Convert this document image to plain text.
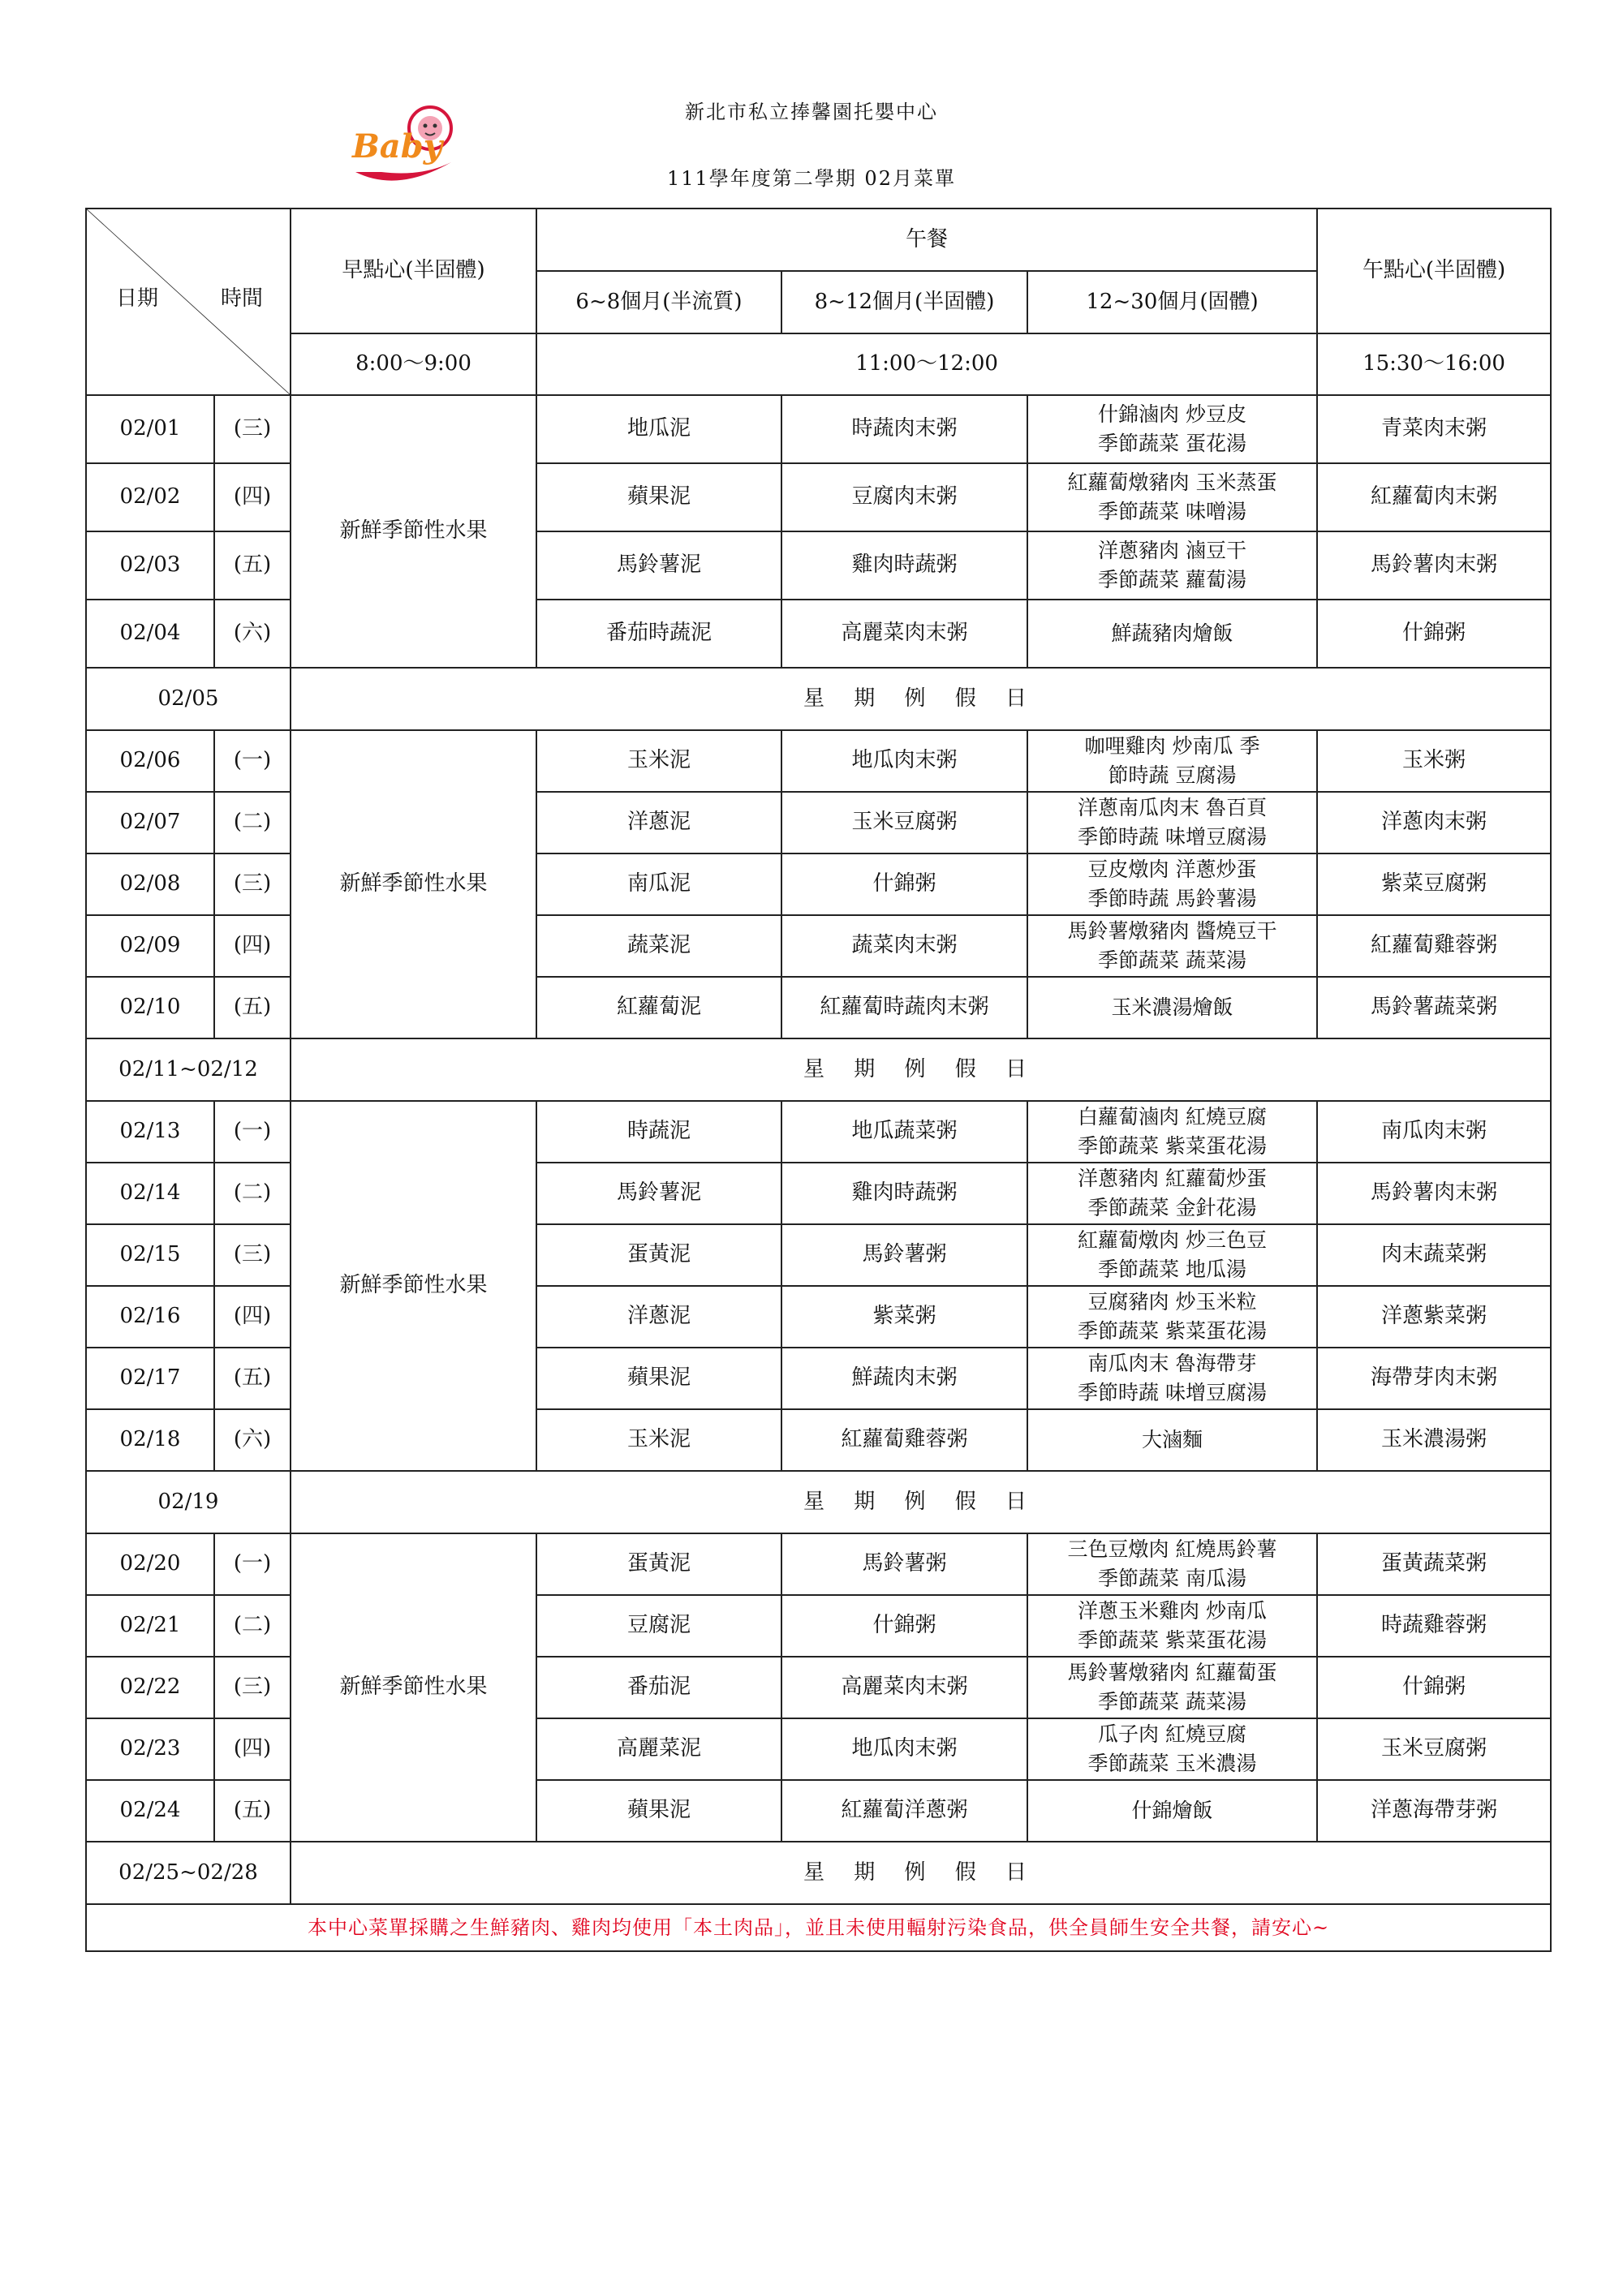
Baby
新北市私立捧馨園托嬰中心
111學年度第二學期 02月菜單
日期 時間		早點心(半固體)	午餐			午點心(半固體)
			6~8個月(半流質)	8~12個月(半固體)	12~30個月(固體)	
		8:00～9:00	11:00～12:00			15:30～16:00
02/01	(三)	新鮮季節性水果	地瓜泥	時蔬肉末粥	什錦滷肉 炒豆皮
季節蔬菜 蛋花湯	青菜肉末粥
02/02	(四)		蘋果泥	豆腐肉末粥	紅蘿蔔燉豬肉 玉米蒸蛋
季節蔬菜 味噌湯	紅蘿蔔肉末粥
02/03	(五)		馬鈴薯泥	雞肉時蔬粥	洋蔥豬肉 滷豆干
季節蔬菜 蘿蔔湯	馬鈴薯肉末粥
02/04	(六)		番茄時蔬泥	高麗菜肉末粥	鮮蔬豬肉燴飯	什錦粥
02/05		星 期 例 假 日				
02/06	(一)	新鮮季節性水果	玉米泥	地瓜肉末粥	咖哩雞肉 炒南瓜 季
節時蔬 豆腐湯	玉米粥
02/07	(二)		洋蔥泥	玉米豆腐粥	洋蔥南瓜肉末 魯百頁
季節時蔬 味增豆腐湯	洋蔥肉末粥
02/08	(三)		南瓜泥	什錦粥	豆皮燉肉 洋蔥炒蛋
季節時蔬 馬鈴薯湯	紫菜豆腐粥
02/09	(四)		蔬菜泥	蔬菜肉末粥	馬鈴薯燉豬肉 醬燒豆干
季節蔬菜 蔬菜湯	紅蘿蔔雞蓉粥
02/10	(五)		紅蘿蔔泥	紅蘿蔔時蔬肉末粥	玉米濃湯燴飯	馬鈴薯蔬菜粥
02/11~02/12		星 期 例 假 日				
02/13	(一)	新鮮季節性水果	時蔬泥	地瓜蔬菜粥	白蘿蔔滷肉 紅燒豆腐
季節蔬菜 紫菜蛋花湯	南瓜肉末粥
02/14	(二)		馬鈴薯泥	雞肉時蔬粥	洋蔥豬肉 紅蘿蔔炒蛋
季節蔬菜 金針花湯	馬鈴薯肉末粥
02/15	(三)		蛋黃泥	馬鈴薯粥	紅蘿蔔燉肉 炒三色豆
季節蔬菜 地瓜湯	肉末蔬菜粥
02/16	(四)		洋蔥泥	紫菜粥	豆腐豬肉 炒玉米粒
季節蔬菜 紫菜蛋花湯	洋蔥紫菜粥
02/17	(五)		蘋果泥	鮮蔬肉末粥	南瓜肉末 魯海帶芽
季節時蔬 味增豆腐湯	海帶芽肉末粥
02/18	(六)		玉米泥	紅蘿蔔雞蓉粥	大滷麵	玉米濃湯粥
02/19		星 期 例 假 日				
02/20	(一)	新鮮季節性水果	蛋黃泥	馬鈴薯粥	三色豆燉肉 紅燒馬鈴薯
季節蔬菜 南瓜湯	蛋黃蔬菜粥
02/21	(二)		豆腐泥	什錦粥	洋蔥玉米雞肉 炒南瓜
季節蔬菜 紫菜蛋花湯	時蔬雞蓉粥
02/22	(三)		番茄泥	高麗菜肉末粥	馬鈴薯燉豬肉 紅蘿蔔蛋
季節蔬菜 蔬菜湯	什錦粥
02/23	(四)		高麗菜泥	地瓜肉末粥	瓜子肉 紅燒豆腐
季節蔬菜 玉米濃湯	玉米豆腐粥
02/24	(五)		蘋果泥	紅蘿蔔洋蔥粥	什錦燴飯	洋蔥海帶芽粥
02/25~02/28		星 期 例 假 日				
本中心菜單採購之生鮮豬肉、雞肉均使用「本土肉品」，並且未使用輻射污染食品，供全員師生安全共餐，請安心~						
